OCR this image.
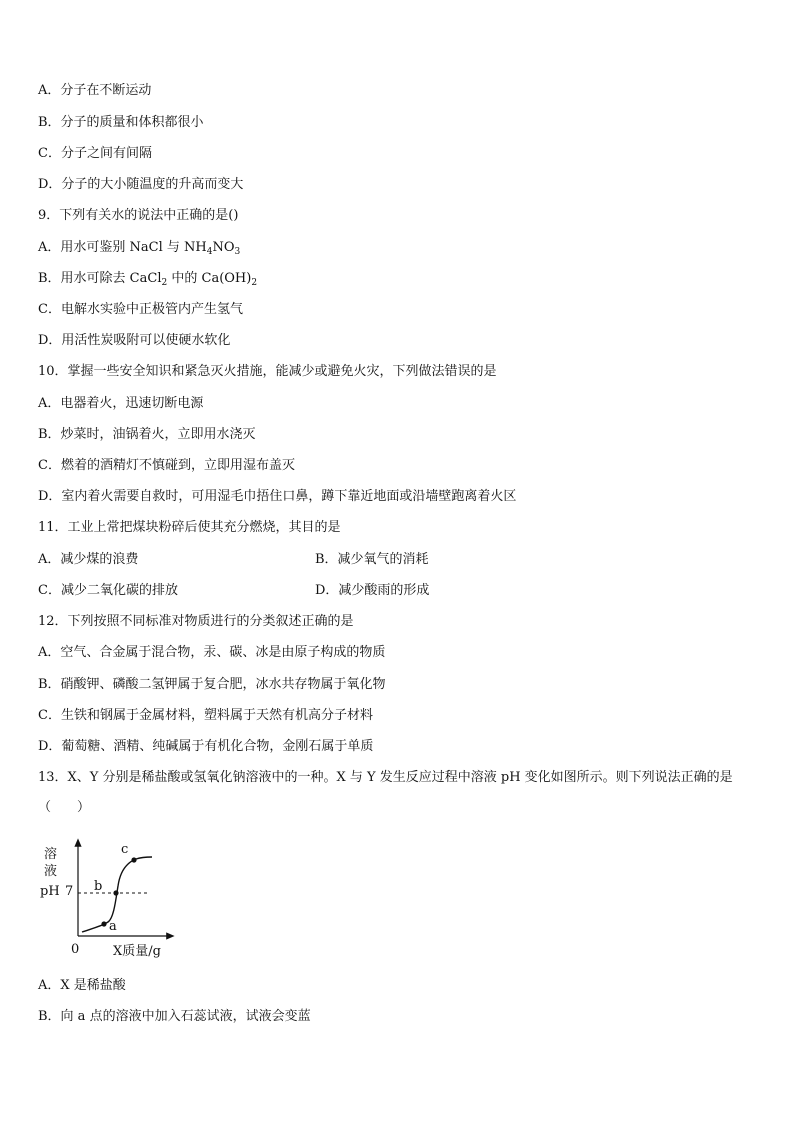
A．分子在不断运动
B．分子的质量和体积都很小
C．分子之间有间隔
D．分子的大小随温度的升高而变大
9．下列有关水的说法中正确的是()
A．用水可鉴别 NaCl 与 $NH_4NO_3$
B．用水可除去 CaCl$_2$ 中的 $Ca(OH)_2$
C．电解水实验中正极管内产生氢气
D．用活性炭吸附可以使硬水软化
10．掌握一些安全知识和紧急灭火措施，能减少或避免火灾，下列做法错误的是
A．电器着火，迅速切断电源
B．炒菜时，油锅着火，立即用水浇灭
C．燃着的酒精灯不慎碰到，立即用湿布盖灭
D．室内着火需要自救时，可用湿毛巾捂住口鼻，蹲下靠近地面或沿墙壁跑离着火区
11．工业上常把煤块粉碎后使其充分燃烧，其目的是
A．减少煤的浪费	B．减少氧气的消耗
C．减少二氧化碳的排放	D．减少酸雨的形成
12．下列按照不同标准对物质进行的分类叙述正确的是
A．空气、合金属于混合物，汞、碳、冰是由原子构成的物质
B．硝酸钾、磷酸二氢钾属于复合肥，冰水共存物属于氧化物
C．生铁和钢属于金属材料，塑料属于天然有机高分子材料
D．葡萄糖、酒精、纯碱属于有机化合物，金刚石属于单质
13．X、Y 分别是稀盐酸或氢氧化钠溶液中的一种。X 与 Y 发生反应过程中溶液 pH 变化如图所示。则下列说法正确的是（　　）
溶
液
pH 7
0	X质量/g
a
b
c
A．X 是稀盐酸
B．向 a 点的溶液中加入石蕊试液，试液会变蓝
